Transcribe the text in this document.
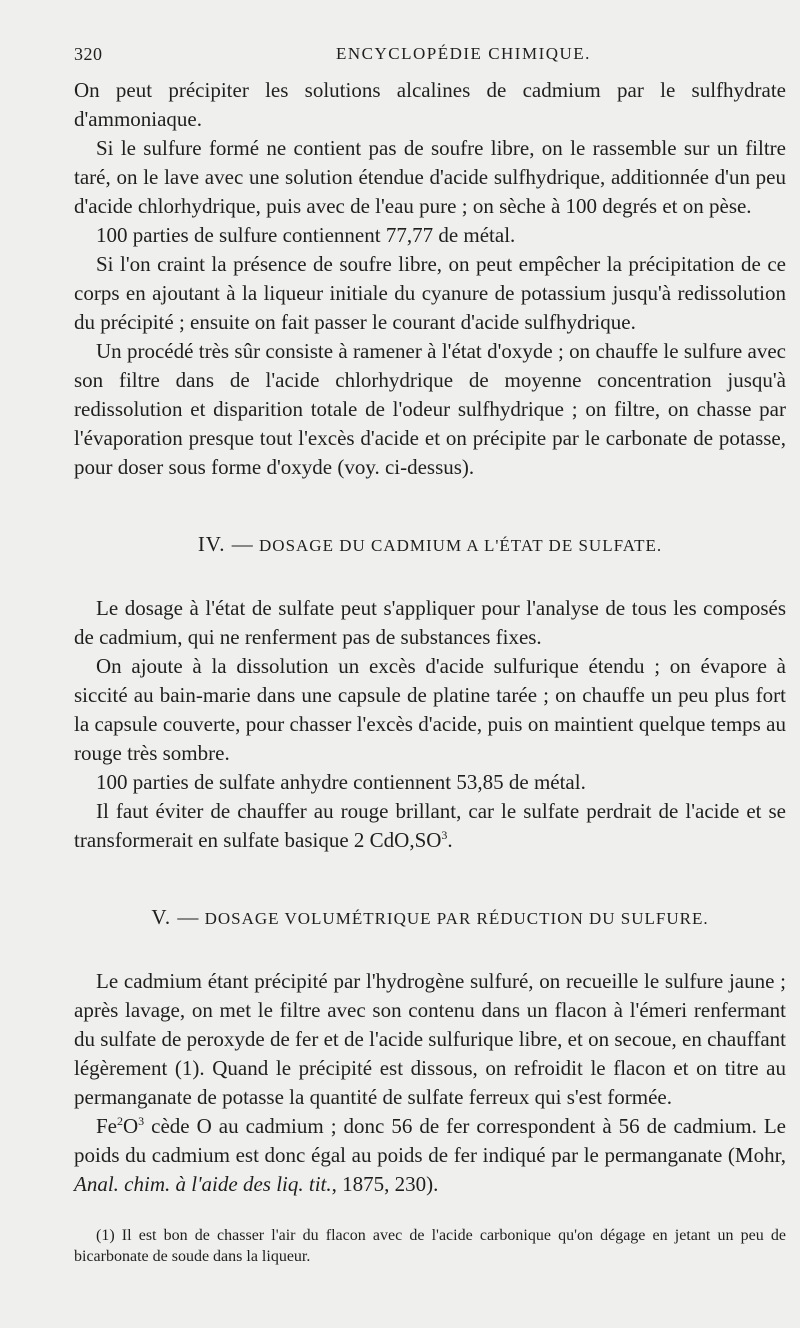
320	ENCYCLOPÉDIE CHIMIQUE.

On peut précipiter les solutions alcalines de cadmium par le sulfhydrate d'ammoniaque.

Si le sulfure formé ne contient pas de soufre libre, on le rassemble sur un filtre taré, on le lave avec une solution étendue d'acide sulfhydrique, additionnée d'un peu d'acide chlorhydrique, puis avec de l'eau pure ; on sèche à 100 degrés et on pèse.

100 parties de sulfure contiennent 77,77 de métal.

Si l'on craint la présence de soufre libre, on peut empêcher la précipitation de ce corps en ajoutant à la liqueur initiale du cyanure de potassium jusqu'à redissolution du précipité ; ensuite on fait passer le courant d'acide sulfhydrique.

Un procédé très sûr consiste à ramener à l'état d'oxyde ; on chauffe le sulfure avec son filtre dans de l'acide chlorhydrique de moyenne concentration jusqu'à redissolution et disparition totale de l'odeur sulfhydrique ; on filtre, on chasse par l'évaporation presque tout l'excès d'acide et on précipite par le carbonate de potasse, pour doser sous forme d'oxyde (voy. ci-dessus).

IV. — DOSAGE DU CADMIUM A L'ÉTAT DE SULFATE.

Le dosage à l'état de sulfate peut s'appliquer pour l'analyse de tous les composés de cadmium, qui ne renferment pas de substances fixes.

On ajoute à la dissolution un excès d'acide sulfurique étendu ; on évapore à siccité au bain-marie dans une capsule de platine tarée ; on chauffe un peu plus fort la capsule couverte, pour chasser l'excès d'acide, puis on maintient quelque temps au rouge très sombre.

100 parties de sulfate anhydre contiennent 53,85 de métal.

Il faut éviter de chauffer au rouge brillant, car le sulfate perdrait de l'acide et se transformerait en sulfate basique 2 $CdO,SO^3$.

V. — DOSAGE VOLUMÉTRIQUE PAR RÉDUCTION DU SULFURE.

Le cadmium étant précipité par l'hydrogène sulfuré, on recueille le sulfure jaune ; après lavage, on met le filtre avec son contenu dans un flacon à l'émeri renfermant du sulfate de peroxyde de fer et de l'acide sulfurique libre, et on secoue, en chauffant légèrement (1). Quand le précipité est dissous, on refroidit le flacon et on titre au permanganate de potasse la quantité de sulfate ferreux qui s'est formée.

$Fe^2O^3$ cède O au cadmium ; donc 56 de fer correspondent à 56 de cadmium. Le poids du cadmium est donc égal au poids de fer indiqué par le permanganate (Mohr, Anal. chim. à l'aide des liq. tit., 1875, 230).

(1) Il est bon de chasser l'air du flacon avec de l'acide carbonique qu'on dégage en jetant un peu de bicarbonate de soude dans la liqueur.
